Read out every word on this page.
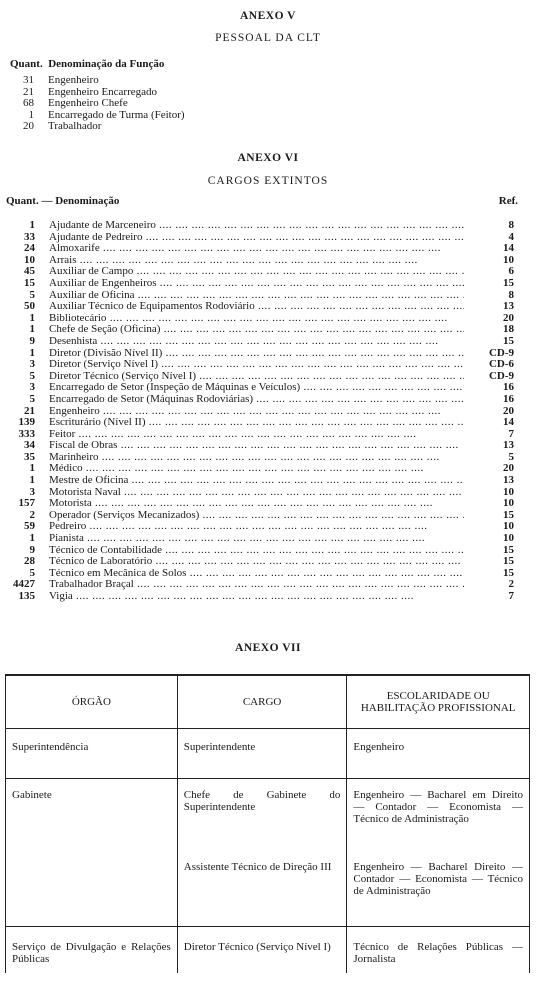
ANEXO V
PESSOAL DA CLT
Quant. Denominação da Função
31	Engenheiro
21	Engenheiro Encarregado
68	Engenheiro Chefe
1	Encarregado de Turma (Feitor)
20	Trabalhador
ANEXO VI
CARGOS EXTINTOS
Quant. — Denominação	Ref.
1	Ajudante de Marceneiro ....	8
33	Ajudante de Pedreiro ....	4
24	Almoxarife ....	14
10	Arrais ....	10
45	Auxiliar de Campo ....	6
15	Auxiliar de Engenheiros ....	15
5	Auxiliar de Oficina ....	8
50	Auxiliar Técnico de Equipamentos Rodoviário ....	13
1	Bibliotecário ....	20
1	Chefe de Seção (Oficina) ....	18
9	Desenhista ....	15
1	Diretor (Divisão Nível II) ....	CD-9
3	Diretor (Serviço Nível I) ....	CD-6
5	Diretor Técnico (Serviço Nível I) ....	CD-9
3	Encarregado de Setor (Inspeção de Máquinas e Veículos) ....	16
5	Encarregado de Setor (Máquinas Rodoviárias) ....	16
21	Engenheiro ....	20
139	Escriturário (Nível II) ....	14
333	Feitor ....	7
34	Fiscal de Obras ....	13
35	Marinheiro ....	5
1	Médico ....	20
1	Mestre de Oficina ....	13
3	Motorista Naval ....	10
157	Motorista ....	10
2	Operador (Serviços Mecanizados) ....	15
59	Pedreiro ....	10
1	Pianista ....	10
9	Técnico de Contabilidade ....	15
28	Técnico de Laboratório ....	15
5	Técnico em Mecânica de Solos ....	15
4427	Trabalhador Braçal ....	2
135	Vigia ....	7
ANEXO VII
ÓRGÃO	CARGO	ESCOLARIDADE OU HABILITAÇÃO PROFISSIONAL
Superintendência	Superintendente	Engenheiro
Gabinete	Chefe de Gabinete do Superintendente	Engenheiro — Bacharel em Direito — Contador — Economista — Técnico de Administração
	Assistente Técnico de Direção III	Engenheiro — Bacharel Direito — Contador — Economista — Técnico de Administração
Serviço de Divulgação e Relações Públicas	Diretor Técnico (Serviço Nível I)	Técnico de Relações Públicas — Jornalista
